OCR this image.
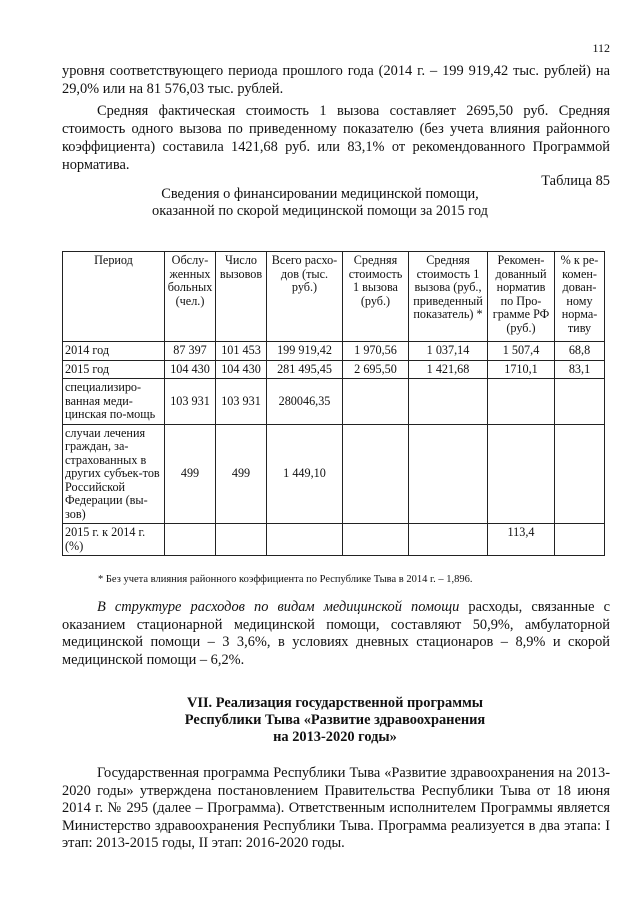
112
уровня соответствующего периода прошлого года (2014 г. – 199 919,42 тыс. рублей) на 29,0% или на 81 576,03 тыс. рублей.
Средняя фактическая стоимость 1 вызова составляет 2695,50 руб. Средняя стоимость одного вызова по приведенному показателю (без учета влияния районного коэффициента) составила 1421,68 руб. или 83,1% от рекомендованного Программой норматива.
Таблица 85
Сведения о финансировании медицинской помощи, оказанной по скорой медицинской помощи за 2015 год
Период	Обслу-женных больных (чел.)	Число вызовов	Всего расхо-дов (тыс. руб.)	Средняя стоимость 1 вызова (руб.)	Средняя стоимость 1 вызова (руб., приведенный показатель) *	Рекомен-дованный норматив по Про-грамме РФ (руб.)	% к ре-комен-дован-ному норма-тиву
2014 год	87 397	101 453	199 919,42	1 970,56	1 037,14	1 507,4	68,8
2015 год	104 430	104 430	281 495,45	2 695,50	1 421,68	1710,1	83,1
специализиро-ванная меди-цинская по-мощь	103 931	103 931	280046,35				
случаи лечения граждан, за-страхованных в других субъек-тов Российской Федерации (вы-зов)	499	499	1 449,10				
2015 г. к 2014 г. (%)						113,4	
* Без учета влияния районного коэффициента по Республике Тыва в 2014 г. – 1,896.
В структуре расходов по видам медицинской помощи расходы, связанные с оказанием стационарной медицинской помощи, составляют 50,9%, амбулаторной медицинской помощи – 3 3,6%, в условиях дневных стационаров – 8,9% и скорой медицинской помощи – 6,2%.
VII. Реализация государственной программы
Республики Тыва «Развитие здравоохранения
на 2013-2020 годы»
Государственная программа Республики Тыва «Развитие здравоохранения на 2013-2020 годы» утверждена постановлением Правительства Республики Тыва от 18 июня 2014 г. № 295 (далее – Программа). Ответственным исполнителем Программы является Министерство здравоохранения Республики Тыва. Программа реализуется в два этапа: I этап: 2013-2015 годы, II этап: 2016-2020 годы.
